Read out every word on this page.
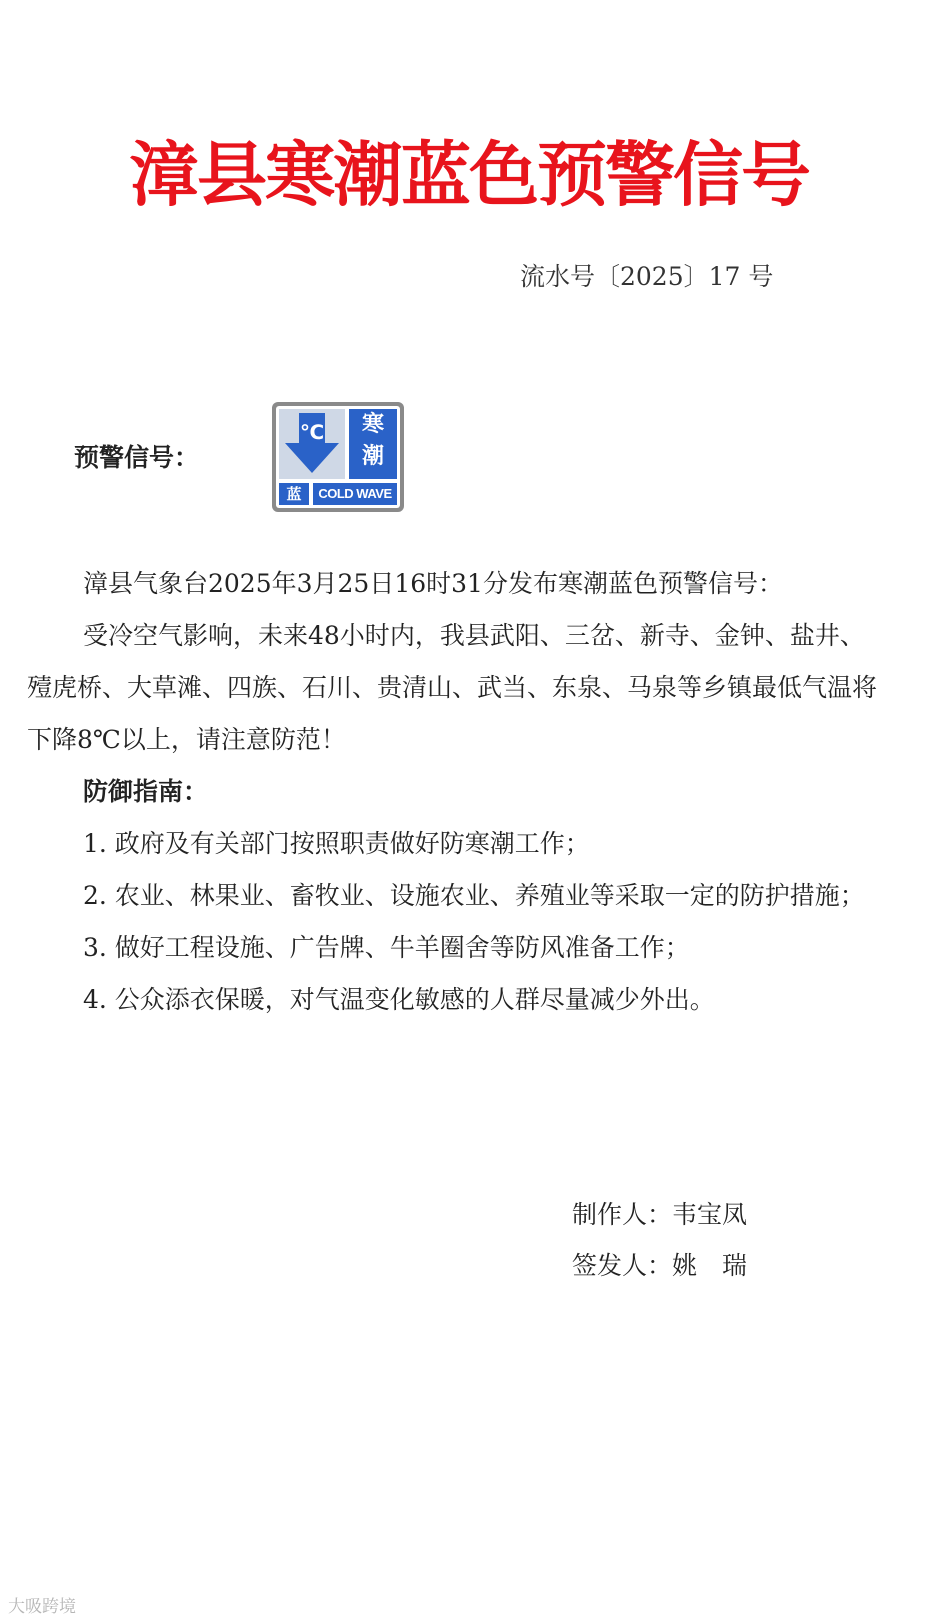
漳县寒潮蓝色预警信号
流水号〔2025〕17 号
预警信号：
℃	寒
潮
蓝	COLD WAVE

漳县气象台2025年3月25日16时31分发布寒潮蓝色预警信号：

受冷空气影响，未来48小时内，我县武阳、三岔、新寺、金钟、盐井、殪虎桥、大草滩、四族、石川、贵清山、武当、东泉、马泉等乡镇最低气温将下降8℃以上，请注意防范！

防御指南：

1. 政府及有关部门按照职责做好防寒潮工作；

2. 农业、林果业、畜牧业、设施农业、养殖业等采取一定的防护措施；

3. 做好工程设施、广告牌、牛羊圈舍等防风准备工作；

4. 公众添衣保暖，对气温变化敏感的人群尽量减少外出。

制作人：韦宝凤
签发人：姚　瑞
大吸跨境
